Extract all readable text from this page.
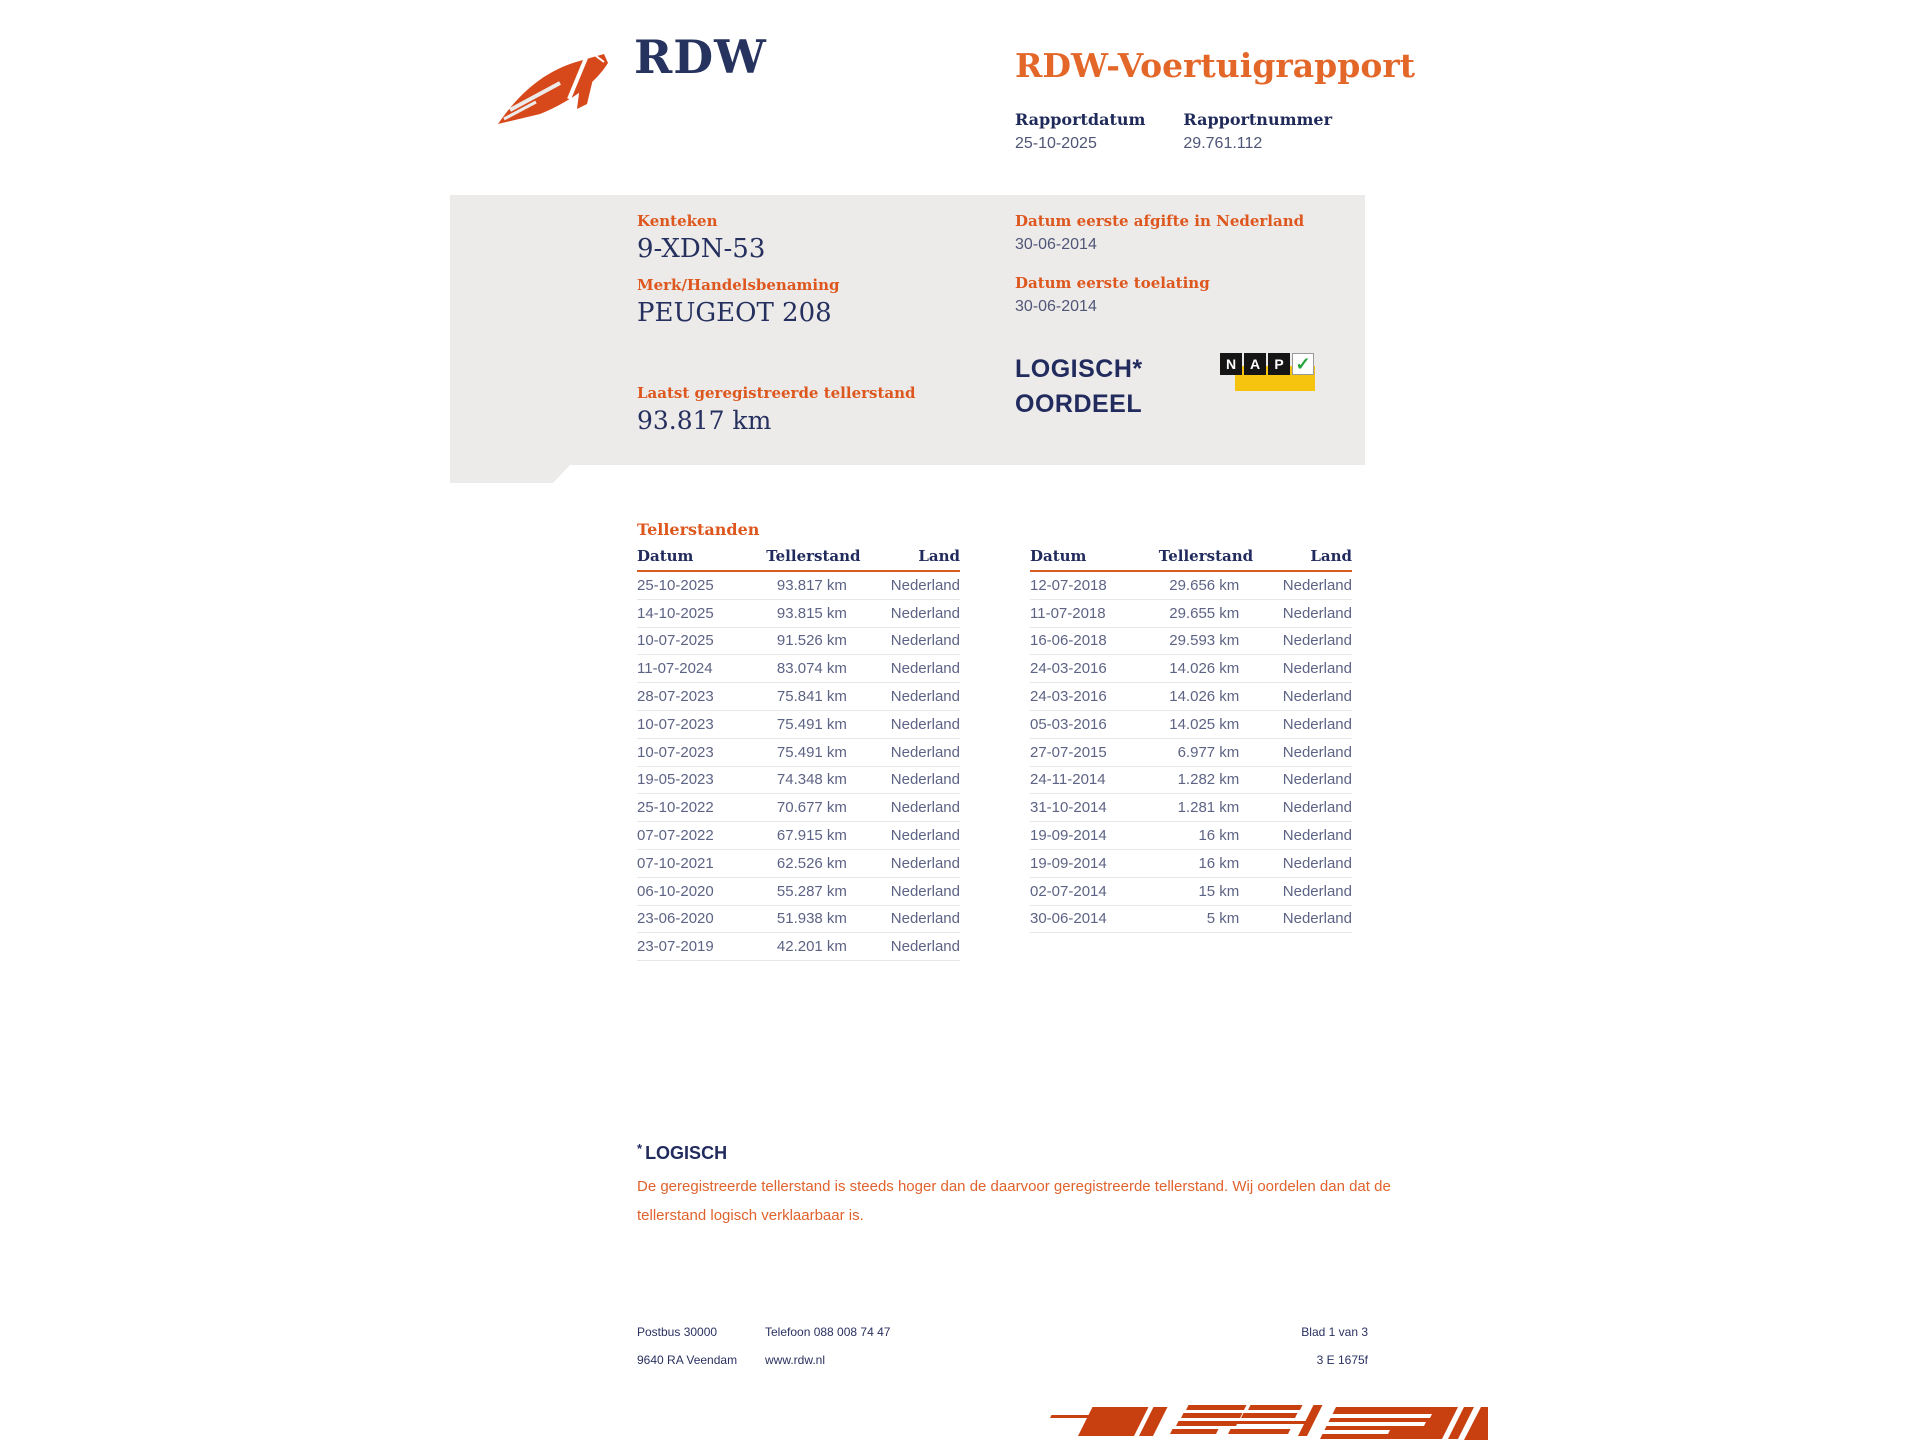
RDW	RDW-Voertuigrapport
Rapportdatum
25-10-2025
Rapportnummer
29.761.112
Kenteken
9-XDN-53
Merk/Handelsbenaming
PEUGEOT 208
Laatst geregistreerde tellerstand
93.817 km
Datum eerste afgifte in Nederland
30-06-2014
Datum eerste toelating
30-06-2014
LOGISCH*
OORDEEL
N A	P ✓
Tellerstanden
Datum	Tellerstand	Land
25-10-2025	93.817 km	Nederland
14-10-2025	93.815 km	Nederland
10-07-2025	91.526 km	Nederland
11-07-2024	83.074 km	Nederland
28-07-2023	75.841 km	Nederland
10-07-2023	75.491 km	Nederland
10-07-2023	75.491 km	Nederland
19-05-2023	74.348 km	Nederland
25-10-2022	70.677 km	Nederland
07-07-2022	67.915 km	Nederland
07-10-2021	62.526 km	Nederland
06-10-2020	55.287 km	Nederland
23-06-2020	51.938 km	Nederland
23-07-2019	42.201 km	Nederland
Datum	Tellerstand	Land
12-07-2018	29.656 km	Nederland
11-07-2018	29.655 km	Nederland
16-06-2018	29.593 km	Nederland
24-03-2016	14.026 km	Nederland
24-03-2016	14.026 km	Nederland
05-03-2016	14.025 km	Nederland
27-07-2015	6.977 km	Nederland
24-11-2014	1.282 km	Nederland
31-10-2014	1.281 km	Nederland
19-09-2014	16 km	Nederland
19-09-2014	16 km	Nederland
02-07-2014	15 km	Nederland
30-06-2014	5 km	Nederland
* LOGISCH
De geregistreerde tellerstand is steeds hoger dan de daarvoor geregistreerde tellerstand. Wij oordelen dan dat de tellerstand logisch verklaarbaar is.
Postbus 30000
9640 RA Veendam
Telefoon 088 008 74 47
www.rdw.nl
Blad 1 van 3
3 E 1675f
